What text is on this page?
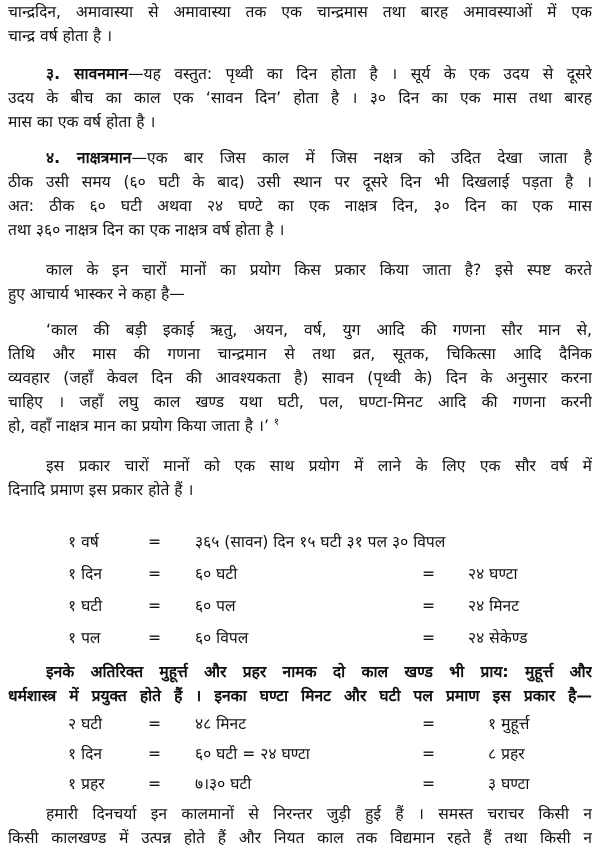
चान्द्रदिन, अमावास्या से अमावास्या तक एक चान्द्रमास तथा बारह अमावस्याओं में एक
चान्द्र वर्ष होता है ।
३. सावनमान—यह वस्तुत: पृथ्वी का दिन होता है । सूर्य के एक उदय से दूसरे
उदय के बीच का काल एक ‘सावन दिन’ होता है । ३० दिन का एक मास तथा बारह
मास का एक वर्ष होता है ।
४. नाक्षत्रमान—एक बार जिस काल में जिस नक्षत्र को उदित देखा जाता है
ठीक उसी समय (६० घटी के बाद) उसी स्थान पर दूसरे दिन भी दिखलाई पड़ता है ।
अत: ठीक ६० घटी अथवा २४ घण्टे का एक नाक्षत्र दिन, ३० दिन का एक मास
तथा ३६० नाक्षत्र दिन का एक नाक्षत्र वर्ष होता है ।
काल के इन चारों मानों का प्रयोग किस प्रकार किया जाता है? इसे स्पष्ट करते
हुए आचार्य भास्कर ने कहा है—
‘काल की बड़ी इकाई ऋतु, अयन, वर्ष, युग आदि की गणना सौर मान से,
तिथि और मास की गणना चान्द्रमान से तथा व्रत, सूतक, चिकित्सा आदि दैनिक
व्यवहार (जहाँ केवल दिन की आवश्यकता है) सावन (पृथ्वी के) दिन के अनुसार करना
चाहिए । जहाँ लघु काल खण्ड यथा घटी, पल, घण्टा-मिनट आदि की गणना करनी
हो, वहाँ नाक्षत्र मान का प्रयोग किया जाता है ।’ $^१$
इस प्रकार चारों मानों को एक साथ प्रयोग में लाने के लिए एक सौर वर्ष में
दिनादि प्रमाण इस प्रकार होते हैं ।
१ वर्ष	= ३६५ (सावन) दिन १५ घटी ३१ पल ३० विपल
१ दिन	= ६० घटी	= २४ घण्टा
१ घटी	= ६० पल	= २४ मिनट
१ पल	= ६० विपल	= २४ सेकेण्ड
इनके अतिरिक्त मुहूर्त्त और प्रहर नामक दो काल खण्ड भी प्राय: मुहूर्त्त और
धर्मशास्त्र में प्रयुक्त होते हैं । इनका घण्टा मिनट और घटी पल प्रमाण इस प्रकार है—
२ घटी	= ४८ मिनट	=	१ मुहूर्त्त
१ दिन	= ६० घटी = २४ घण्टा	=	८ प्रहर
१ प्रहर	= ७।३० घटी	=	३ घण्टा
हमारी दिनचर्या इन कालमानों से निरन्तर जुड़ी हुई हैं । समस्त चराचर किसी न
किसी कालखण्ड में उत्पन्न होते हैं और नियत काल तक विद्यमान रहते हैं तथा किसी न
